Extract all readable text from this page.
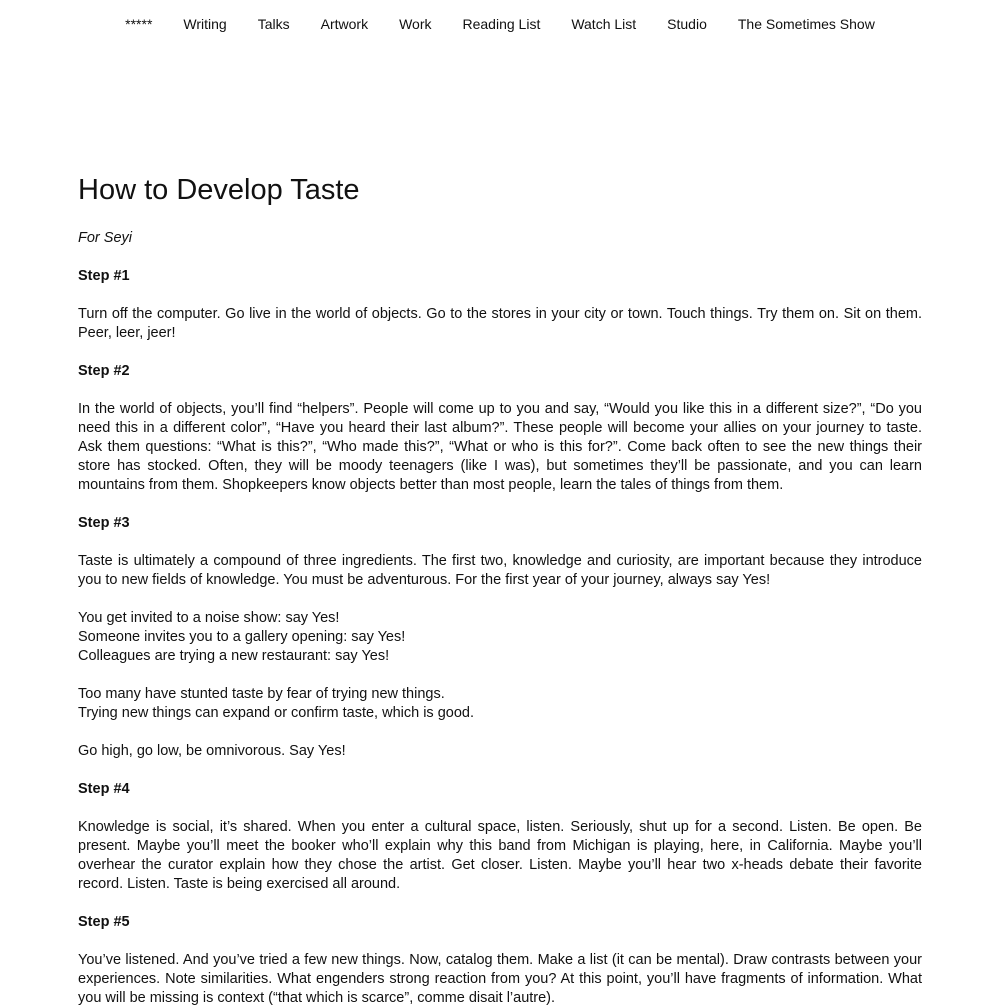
***** Writing Talks Artwork Work Reading List Watch List Studio The Sometimes Show
How to Develop Taste

For Seyi

Step #1

Turn off the computer. Go live in the world of objects. Go to the stores in your city or town. Touch things. Try them on. Sit on them. Peer, leer, jeer!

Step #2

In the world of objects, you’ll find “helpers”. People will come up to you and say, “Would you like this in a different size?”, “Do you need this in a different color”, “Have you heard their last album?”. These people will become your allies on your journey to taste. Ask them questions: “What is this?”, “Who made this?”, “What or who is this for?”. Come back often to see the new things their store has stocked. Often, they will be moody teenagers (like I was), but sometimes they’ll be passionate, and you can learn mountains from them. Shopkeepers know objects better than most people, learn the tales of things from them.

Step #3

Taste is ultimately a compound of three ingredients. The first two, knowledge and curiosity, are important because they introduce you to new fields of knowledge. You must be adventurous. For the first year of your journey, always say Yes!

You get invited to a noise show: say Yes!
Someone invites you to a gallery opening: say Yes!
Colleagues are trying a new restaurant: say Yes!
Too many have stunted taste by fear of trying new things.
Trying new things can expand or confirm taste, which is good.

Go high, go low, be omnivorous. Say Yes!

Step #4

Knowledge is social, it’s shared. When you enter a cultural space, listen. Seriously, shut up for a second. Listen. Be open. Be present. Maybe you’ll meet the booker who’ll explain why this band from Michigan is playing, here, in California. Maybe you’ll overhear the curator explain how they chose the artist. Get closer. Listen. Maybe you’ll hear two x-heads debate their favorite record. Listen. Taste is being exercised all around.

Step #5

You’ve listened. And you’ve tried a few new things. Now, catalog them. Make a list (it can be mental). Draw contrasts between your experiences. Note similarities. What engenders strong reaction from you? At this point, you’ll have fragments of information. What you will be missing is context (“that which is scarce”, comme disait l’autre).
